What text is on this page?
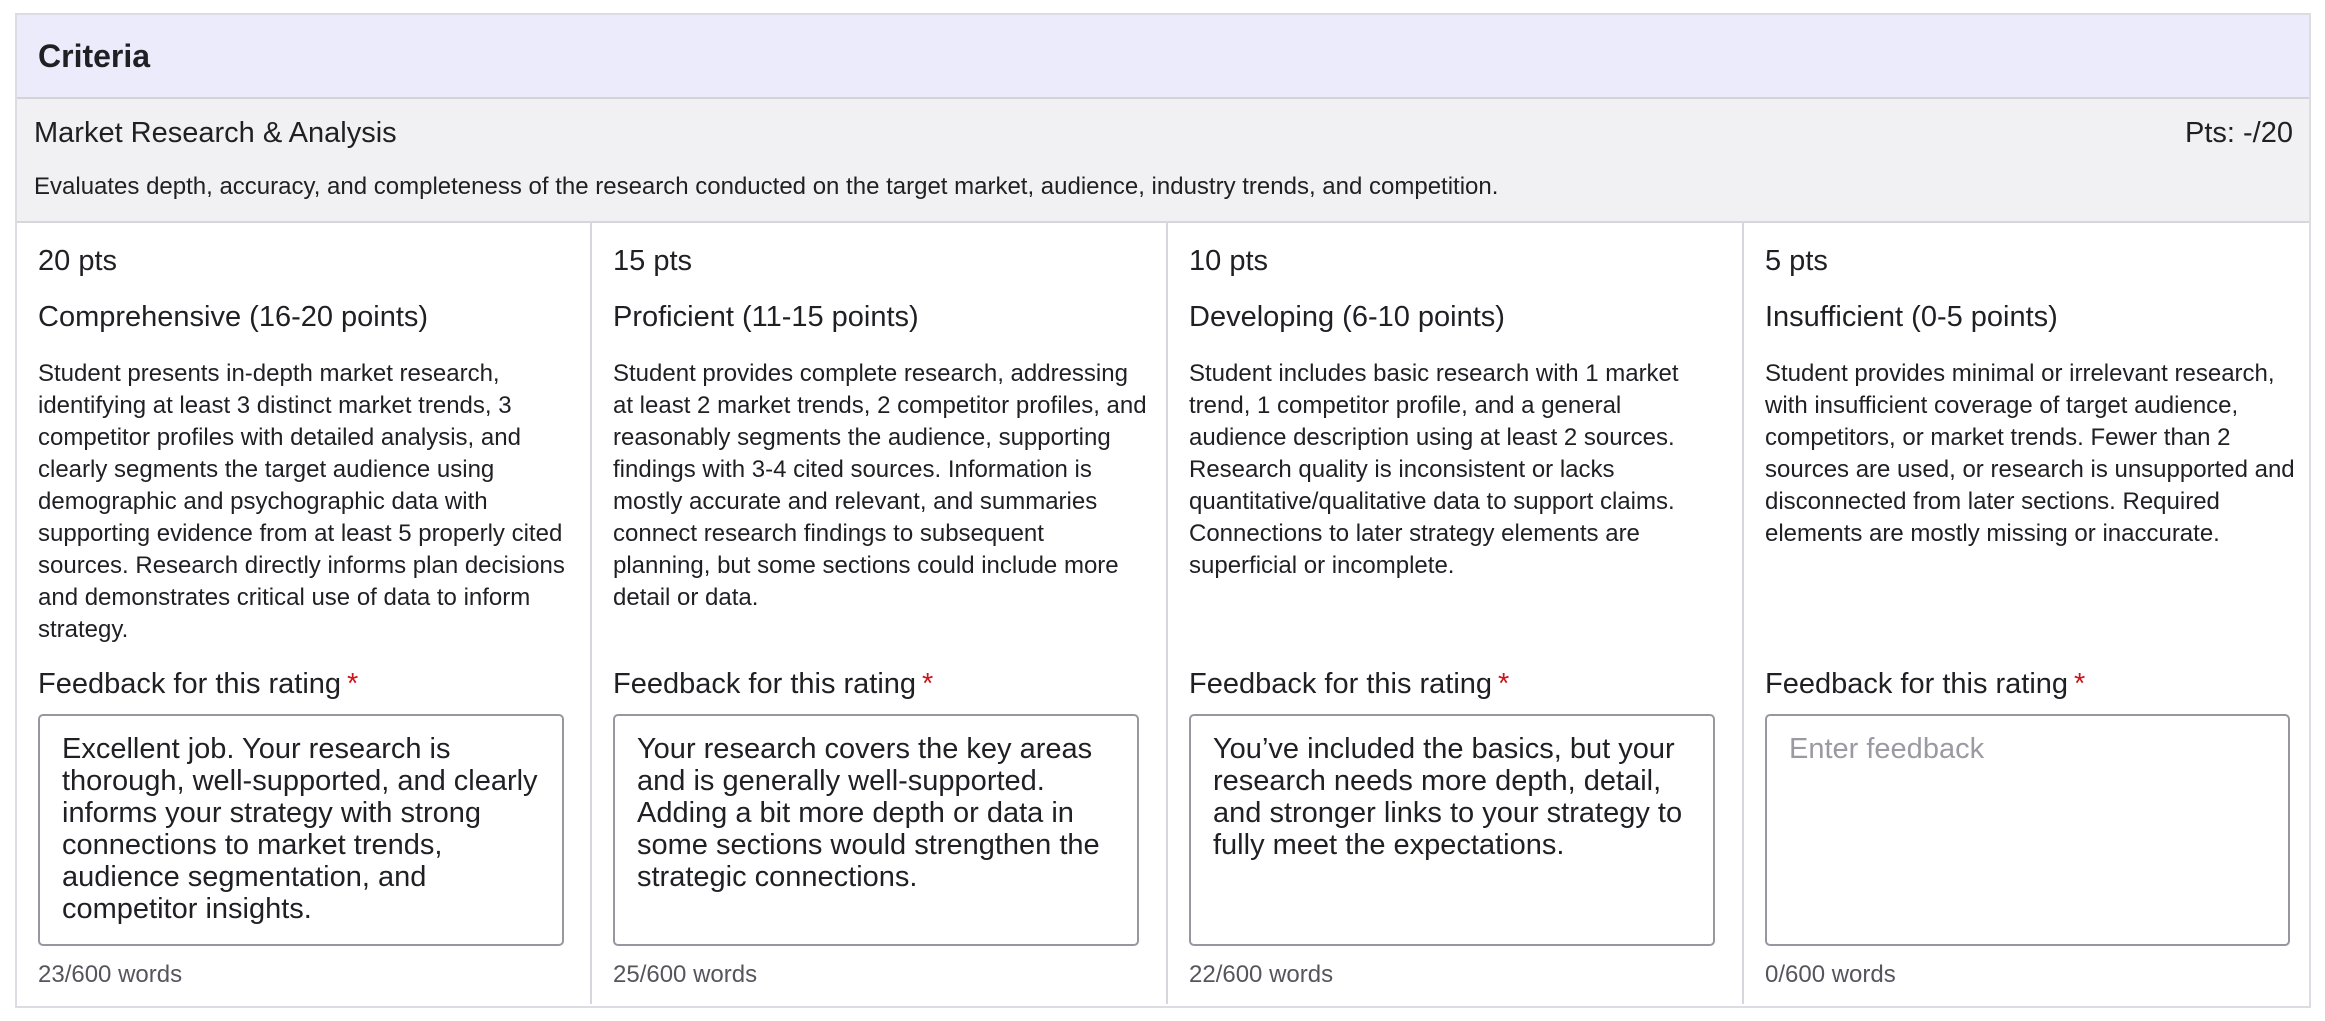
Criteria
Market Research & Analysis	Pts: -/20
Evaluates depth, accuracy, and completeness of the research conducted on the target market, audience, industry trends, and competition.
20 pts
Comprehensive (16-20 points)
Student presents in-depth market research, identifying at least 3 distinct market trends, 3 competitor profiles with detailed analysis, and clearly segments the target audience using demographic and psychographic data with supporting evidence from at least 5 properly cited sources. Research directly informs plan decisions and demonstrates critical use of data to inform strategy.
Feedback for this rating *
Excellent job. Your research is thorough, well-supported, and clearly informs your strategy with strong connections to market trends, audience segmentation, and competitor insights.
23/600 words
15 pts
Proficient (11-15 points)
Student provides complete research, addressing at least 2 market trends, 2 competitor profiles, and reasonably segments the audience, supporting findings with 3-4 cited sources. Information is mostly accurate and relevant, and summaries connect research findings to subsequent planning, but some sections could include more detail or data.
Feedback for this rating *
Your research covers the key areas and is generally well-supported. Adding a bit more depth or data in some sections would strengthen the strategic connections.
25/600 words
10 pts
Developing (6-10 points)
Student includes basic research with 1 market trend, 1 competitor profile, and a general audience description using at least 2 sources. Research quality is inconsistent or lacks quantitative/qualitative data to support claims. Connections to later strategy elements are superficial or incomplete.
Feedback for this rating *
You’ve included the basics, but your research needs more depth, detail, and stronger links to your strategy to fully meet the expectations.
22/600 words
5 pts
Insufficient (0-5 points)
Student provides minimal or irrelevant research, with insufficient coverage of target audience, competitors, or market trends. Fewer than 2 sources are used, or research is unsupported and disconnected from later sections. Required elements are mostly missing or inaccurate.
Feedback for this rating *
Enter feedback
0/600 words
